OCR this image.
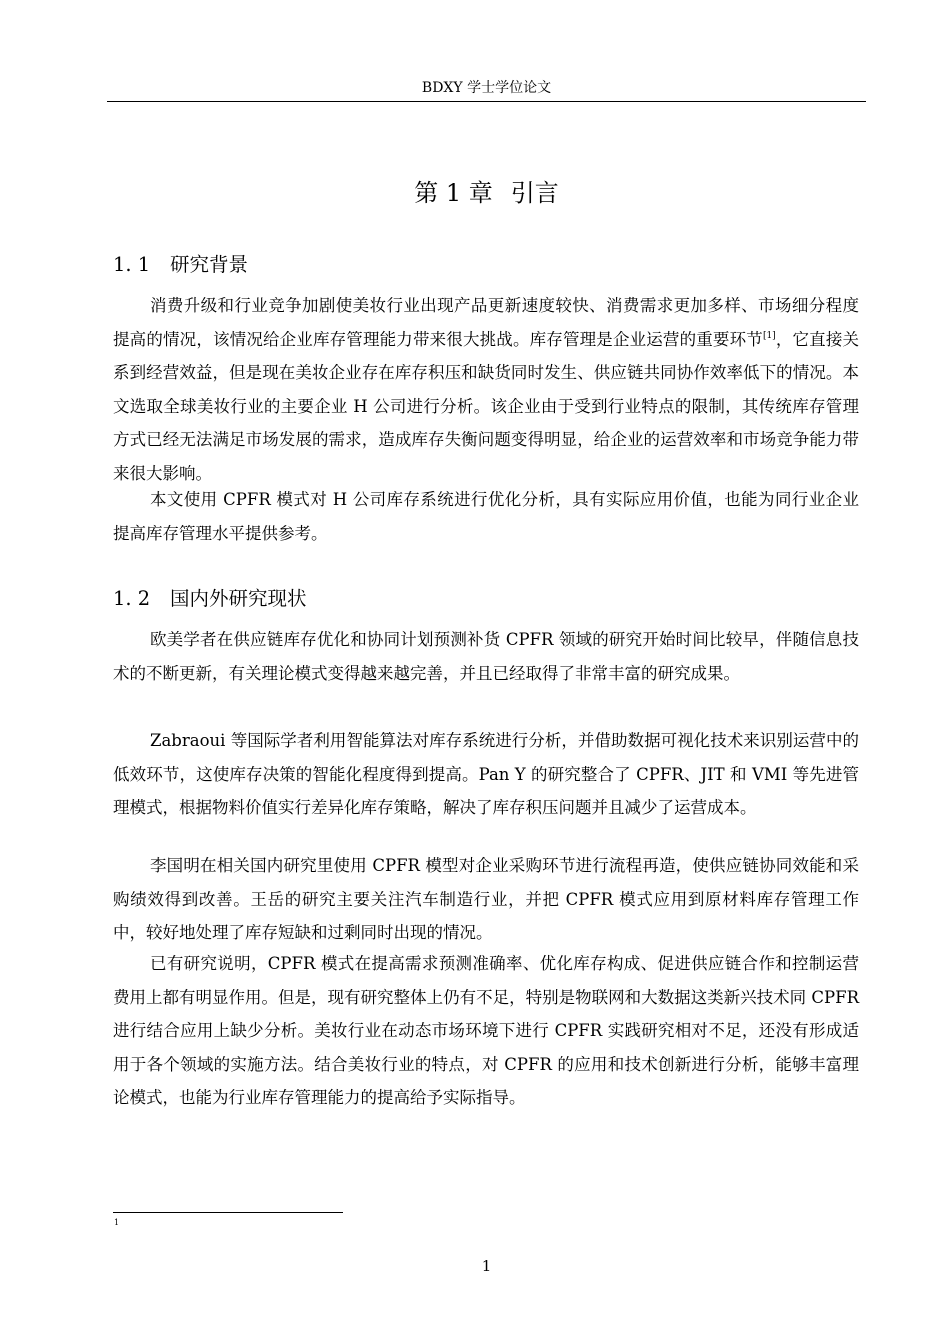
BDXY 学士学位论文
第 1 章 引言
1. 1 研究背景

消费升级和行业竞争加剧使美妆行业出现产品更新速度较快、消费需求更加多样、市场细分程度提高的情况，该情况给企业库存管理能力带来很大挑战。库存管理是企业运营的重要环节[1]，它直接关系到经营效益，但是现在美妆企业存在库存积压和缺货同时发生、供应链共同协作效率低下的情况。本文选取全球美妆行业的主要企业 H 公司进行分析。该企业由于受到行业特点的限制，其传统库存管理方式已经无法满足市场发展的需求，造成库存失衡问题变得明显，给企业的运营效率和市场竞争能力带来很大影响。

本文使用 CPFR 模式对 H 公司库存系统进行优化分析，具有实际应用价值，也能为同行业企业提高库存管理水平提供参考。

1. 2 国内外研究现状

欧美学者在供应链库存优化和协同计划预测补货 CPFR 领域的研究开始时间比较早，伴随信息技术的不断更新，有关理论模式变得越来越完善，并且已经取得了非常丰富的研究成果。

Zabraoui 等国际学者利用智能算法对库存系统进行分析，并借助数据可视化技术来识别运营中的低效环节，这使库存决策的智能化程度得到提高。Pan Y 的研究整合了 CPFR、JIT 和 VMI 等先进管理模式，根据物料价值实行差异化库存策略，解决了库存积压问题并且减少了运营成本。

李国明在相关国内研究里使用 CPFR 模型对企业采购环节进行流程再造，使供应链协同效能和采购绩效得到改善。王岳的研究主要关注汽车制造行业，并把 CPFR 模式应用到原材料库存管理工作中，较好地处理了库存短缺和过剩同时出现的情况。

已有研究说明，CPFR 模式在提高需求预测准确率、优化库存构成、促进供应链合作和控制运营费用上都有明显作用。但是，现有研究整体上仍有不足，特别是物联网和大数据这类新兴技术同 CPFR 进行结合应用上缺少分析。美妆行业在动态市场环境下进行 CPFR 实践研究相对不足，还没有形成适用于各个领域的实施方法。结合美妆行业的特点，对 CPFR 的应用和技术创新进行分析，能够丰富理论模式，也能为行业库存管理能力的提高给予实际指导。

1
1
